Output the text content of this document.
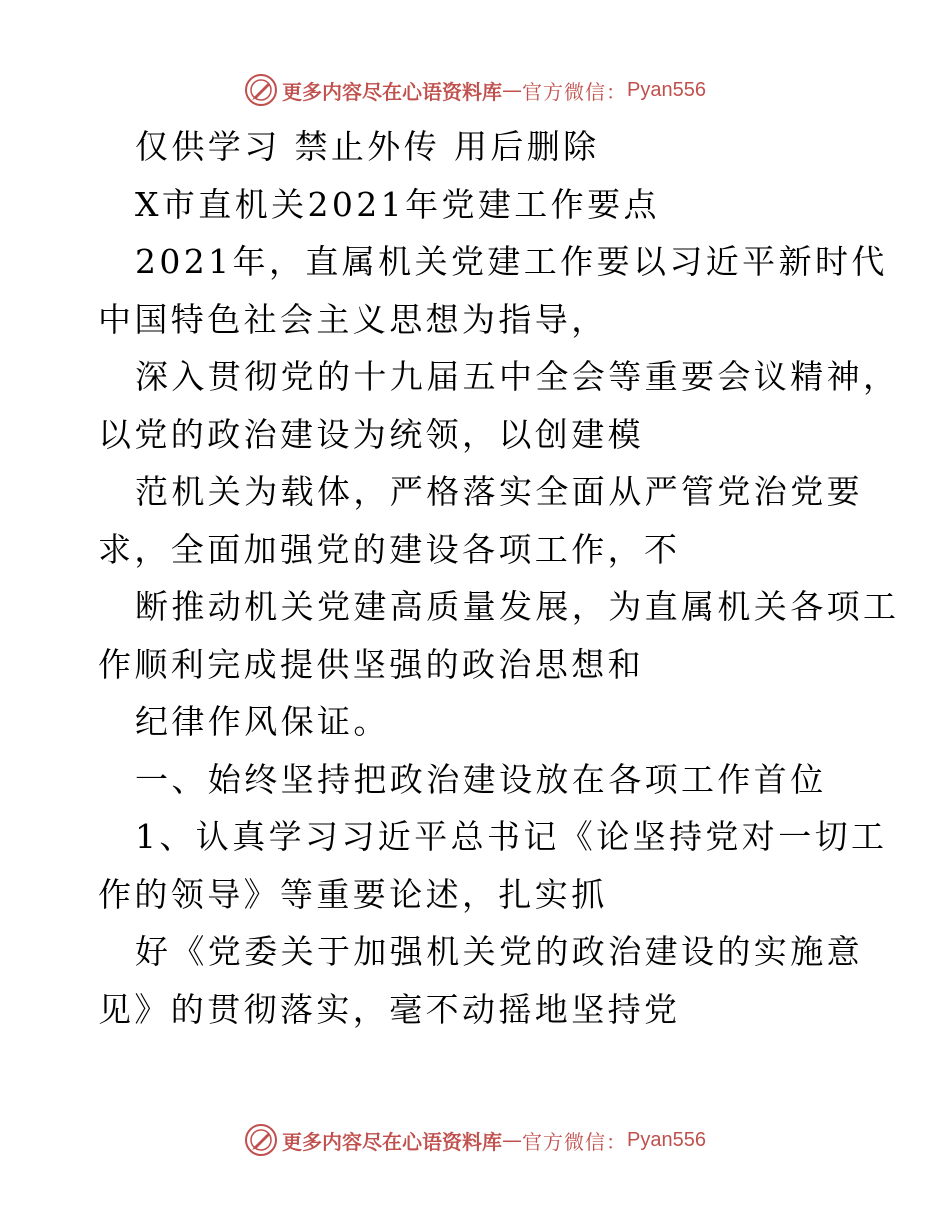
更多内容尽在心语资料库 — 官方微信： Pyan556
仅供学习 禁止外传 用后删除
X市直机关2021年党建工作要点
2021年，直属机关党建工作要以习近平新时代
中国特色社会主义思想为指导，
深入贯彻党的十九届五中全会等重要会议精神，
以党的政治建设为统领，以创建模
范机关为载体，严格落实全面从严管党治党要
求，全面加强党的建设各项工作，不
断推动机关党建高质量发展，为直属机关各项工
作顺利完成提供坚强的政治思想和
纪律作风保证。
一、始终坚持把政治建设放在各项工作首位
1、认真学习习近平总书记《论坚持党对一切工
作的领导》等重要论述，扎实抓
好《党委关于加强机关党的政治建设的实施意
见》的贯彻落实，毫不动摇地坚持党
更多内容尽在心语资料库 — 官方微信： Pyan556
